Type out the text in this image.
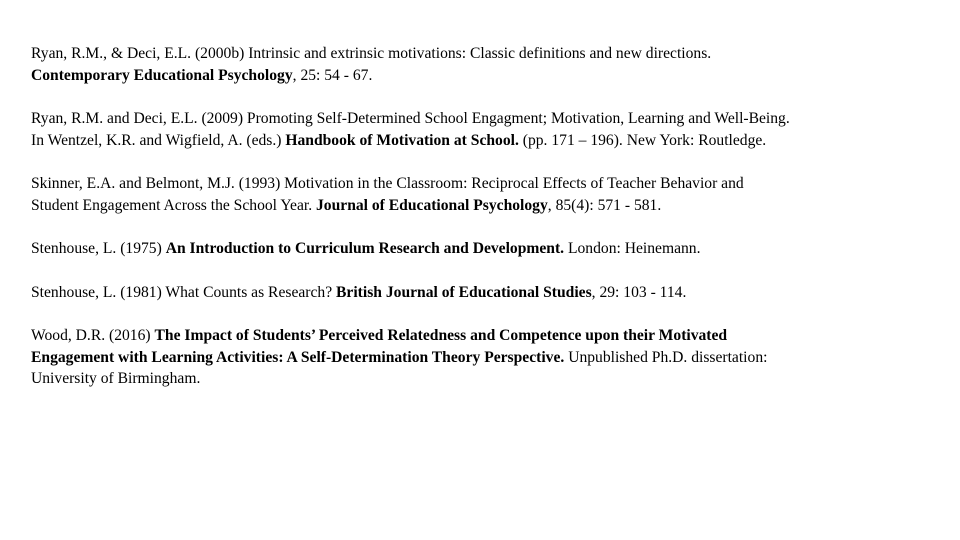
Ryan, R.M., & Deci, E.L. (2000b) Intrinsic and extrinsic motivations: Classic definitions and new directions.
Contemporary Educational Psychology, 25: 54 - 67.

Ryan, R.M. and Deci, E.L. (2009) Promoting Self-Determined School Engagment; Motivation, Learning and Well-Being.
In Wentzel, K.R. and Wigfield, A. (eds.) Handbook of Motivation at School. (pp. 171 – 196). New York: Routledge.

Skinner, E.A. and Belmont, M.J. (1993) Motivation in the Classroom: Reciprocal Effects of Teacher Behavior and
Student Engagement Across the School Year. Journal of Educational Psychology, 85(4): 571 - 581.

Stenhouse, L. (1975) An Introduction to Curriculum Research and Development. London: Heinemann.

Stenhouse, L. (1981) What Counts as Research? British Journal of Educational Studies, 29: 103 - 114.

Wood, D.R. (2016) The Impact of Students’ Perceived Relatedness and Competence upon their Motivated
Engagement with Learning Activities: A Self-Determination Theory Perspective. Unpublished Ph.D. dissertation:
University of Birmingham.
